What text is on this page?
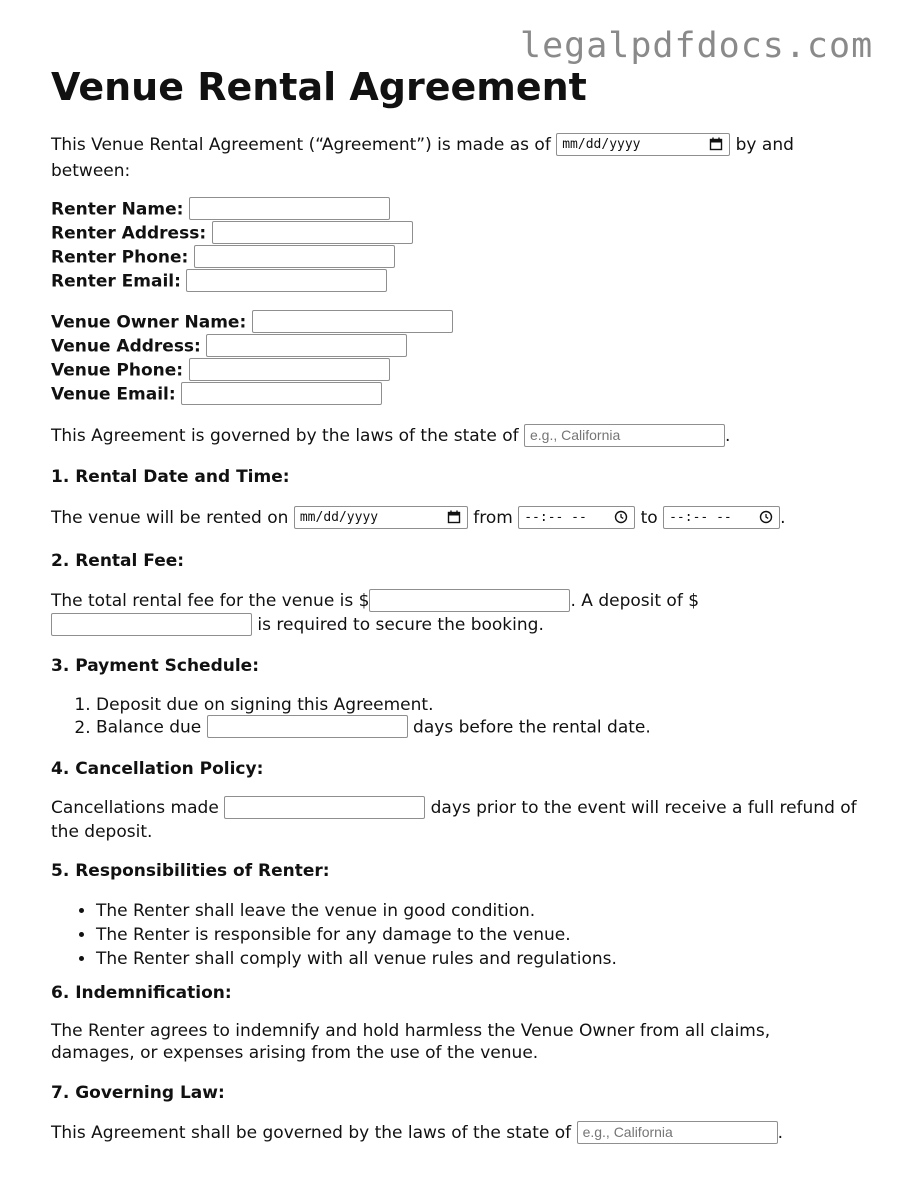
legalpdfdocs.com

Venue Rental Agreement
This Venue Rental Agreement (“Agreement”) is made as of mm/dd/yyyy	by and between:
Renter Name:
Renter Address:
Renter Phone:
Renter Email:
Venue Owner Name:
Venue Address:
Venue Phone:
Venue Email:
This Agreement is governed by the laws of the state of e.g., California	.
1. Rental Date and Time:
The venue will be rented on mm/dd/yyyy	from --:-- --	to --:-- --	.
2. Rental Fee:
The total rental fee for the venue is $	. A deposit of $  is required to secure the booking.
3. Payment Schedule:
1. Deposit due on signing this Agreement.
2. Balance due	days before the rental date.
4. Cancellation Policy:
Cancellations made	days prior to the event will receive a full refund of the deposit.
5. Responsibilities of Renter:
• The Renter shall leave the venue in good condition.
• The Renter is responsible for any damage to the venue.
• The Renter shall comply with all venue rules and regulations.
6. Indemnification:

The Renter agrees to indemnify and hold harmless the Venue Owner from all claims, damages, or expenses arising from the use of the venue.

7. Governing Law:
This Agreement shall be governed by the laws of the state of e.g., California	.
